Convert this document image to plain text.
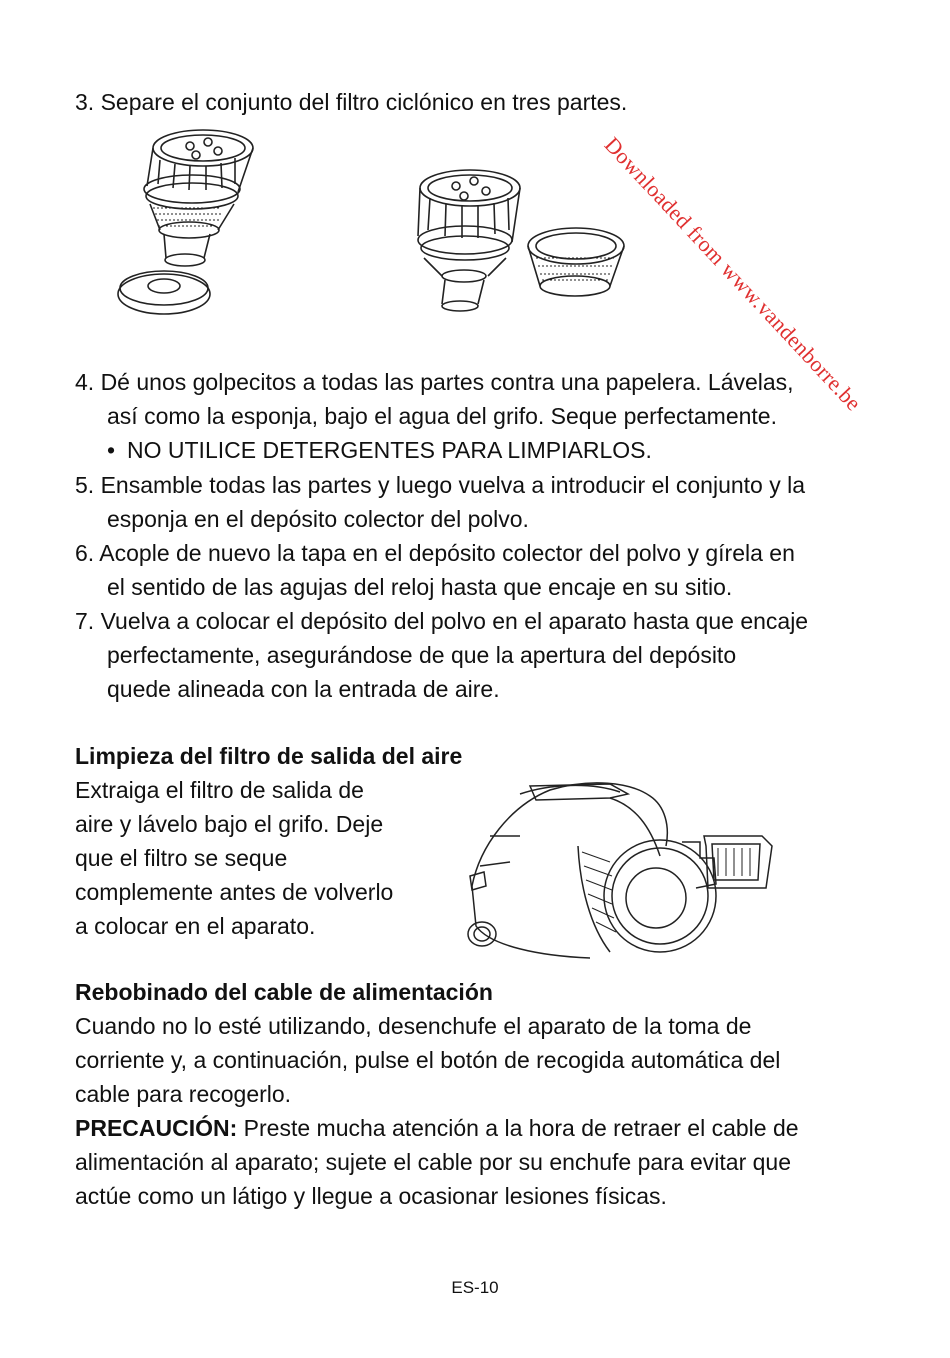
Downloaded from www.vandenborre.be
3. Separe el conjunto del filtro ciclónico en tres partes.
4. Dé unos golpecitos a todas las partes contra una papelera. Lávelas,
así como la esponja, bajo el agua del grifo. Seque perfectamente.
• NO UTILICE DETERGENTES PARA LIMPIARLOS.
5. Ensamble todas las partes y luego vuelva a introducir el conjunto y la
esponja en el depósito colector del polvo.
6. Acople de nuevo la tapa en el depósito colector del polvo y gírela en
el sentido de las agujas del reloj hasta que encaje en su sitio.
7. Vuelva a colocar el depósito del polvo en el aparato hasta que encaje
perfectamente, asegurándose de que la apertura del depósito
quede alineada con la entrada de aire.
Limpieza del filtro de salida del aire
Extraiga el filtro de salida de
aire y lávelo bajo el grifo. Deje
que el filtro se seque
complemente antes de volverlo
a colocar en el aparato.
Rebobinado del cable de alimentación
Cuando no lo esté utilizando, desenchufe el aparato de la toma de
corriente y, a continuación, pulse el botón de recogida automática del
cable para recogerlo.
PRECAUCIÓN: Preste mucha atención a la hora de retraer el cable de
alimentación al aparato; sujete el cable por su enchufe para evitar que
actúe como un látigo y llegue a ocasionar lesiones físicas.
ES-10
